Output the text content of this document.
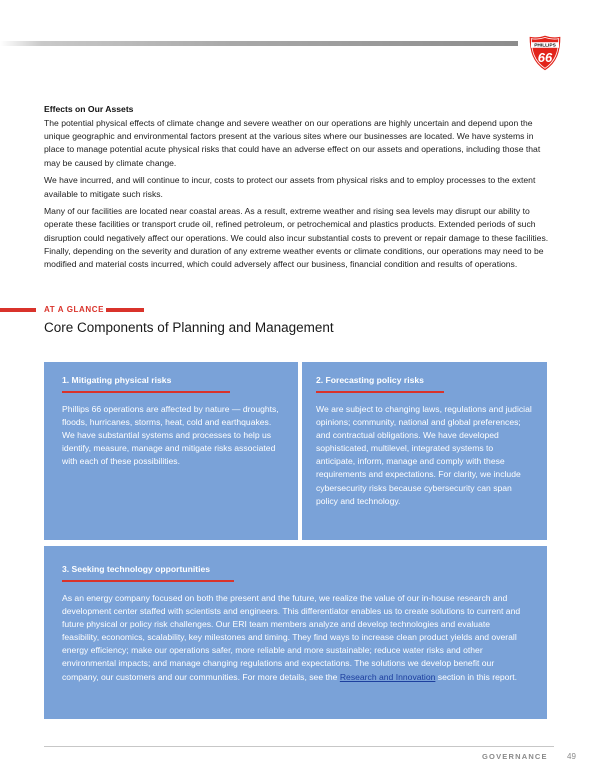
PHILLIPS
66
Effects on Our Assets

The potential physical effects of climate change and severe weather on our operations are highly uncertain and depend upon the unique geographic and environmental factors present at the various sites where our businesses are located. We have systems in place to manage potential acute physical risks that could have an adverse effect on our assets and operations, including those that may be caused by climate change.

We have incurred, and will continue to incur, costs to protect our assets from physical risks and to employ processes to the extent available to mitigate such risks.

Many of our facilities are located near coastal areas. As a result, extreme weather and rising sea levels may disrupt our ability to operate these facilities or transport crude oil, refined petroleum, or petrochemical and plastics products. Extended periods of such disruption could negatively affect our operations. We could also incur substantial costs to prevent or repair damage to these facilities. Finally, depending on the severity and duration of any extreme weather events or climate conditions, our operations may need to be modified and material costs incurred, which could adversely affect our business, financial condition and results of operations.

AT A GLANCE
Core Components of Planning and Management
1. Mitigating physical risks
Phillips 66 operations are affected by nature — droughts, floods, hurricanes, storms, heat, cold and earthquakes. We have substantial systems and processes to help us identify, measure, manage and mitigate risks associated with each of these possibilities.
2. Forecasting policy risks
We are subject to changing laws, regulations and judicial opinions; community, national and global preferences; and contractual obligations. We have developed sophisticated, multilevel, integrated systems to anticipate, inform, manage and comply with these requirements and expectations. For clarity, we include cybersecurity risks because cybersecurity can span policy and technology.
3. Seeking technology opportunities
As an energy company focused on both the present and the future, we realize the value of our in-house research and development center staffed with scientists and engineers. This differentiator enables us to create solutions to current and future physical or policy risk challenges. Our ERI team members analyze and develop technologies and evaluate feasibility, economics, scalability, key milestones and timing. They find ways to increase clean product yields and overall energy efficiency; make our operations safer, more reliable and more sustainable; reduce water risks and other environmental impacts; and manage changing regulations and expectations. The solutions we develop benefit our company, our customers and our communities. For more details, see the Research and Innovation section in this report.
GOVERNANCE 49
